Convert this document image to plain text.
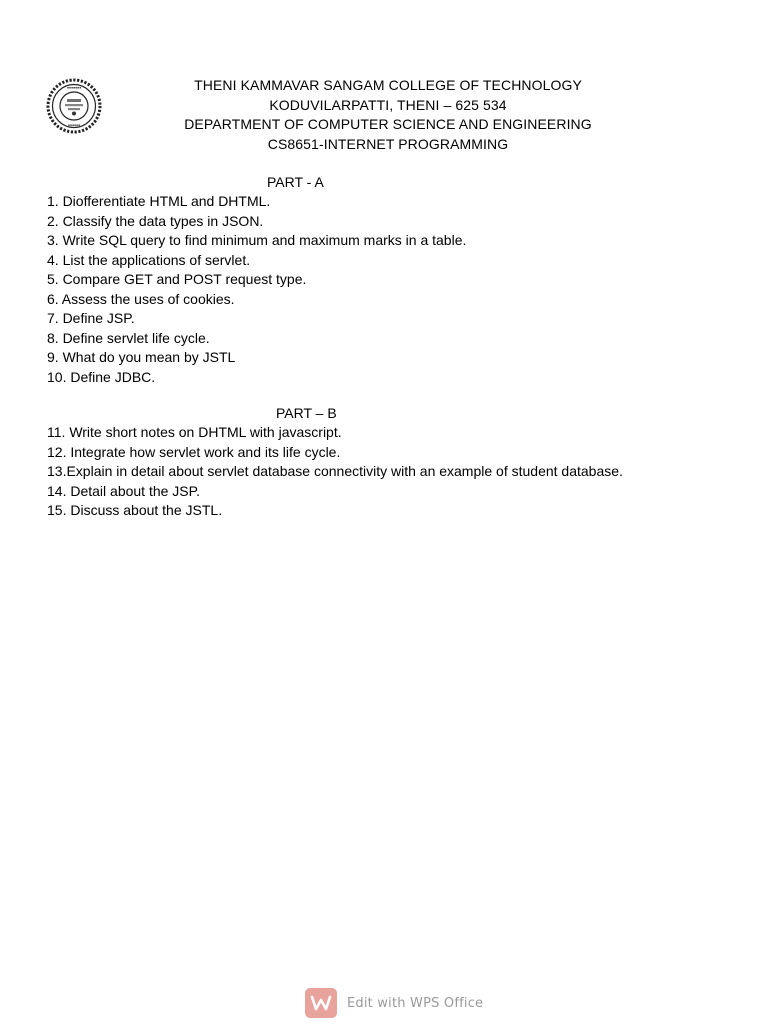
▪▪▪▪▪▪▪
▪▪▪▪▪▪
THENI KAMMAVAR SANGAM COLLEGE OF TECHNOLOGY
KODUVILARPATTI, THENI – 625 534
DEPARTMENT OF COMPUTER SCIENCE AND ENGINEERING
CS8651-INTERNET PROGRAMMING
PART - A
1. Diofferentiate HTML and DHTML.
2. Classify the data types in JSON.
3. Write SQL query to find minimum and maximum marks in a table.
4. List the applications of servlet.
5. Compare GET and POST request type.
6. Assess the uses of cookies.
7. Define JSP.
8. Define servlet life cycle.
9. What do you mean by JSTL
10. Define JDBC.
PART – B
11. Write short notes on DHTML with javascript.
12. Integrate how servlet work and its life cycle.
13.Explain in detail about servlet database connectivity with an example of student database.
14. Detail about the JSP.
15. Discuss about the JSTL.
Edit with WPS Office
